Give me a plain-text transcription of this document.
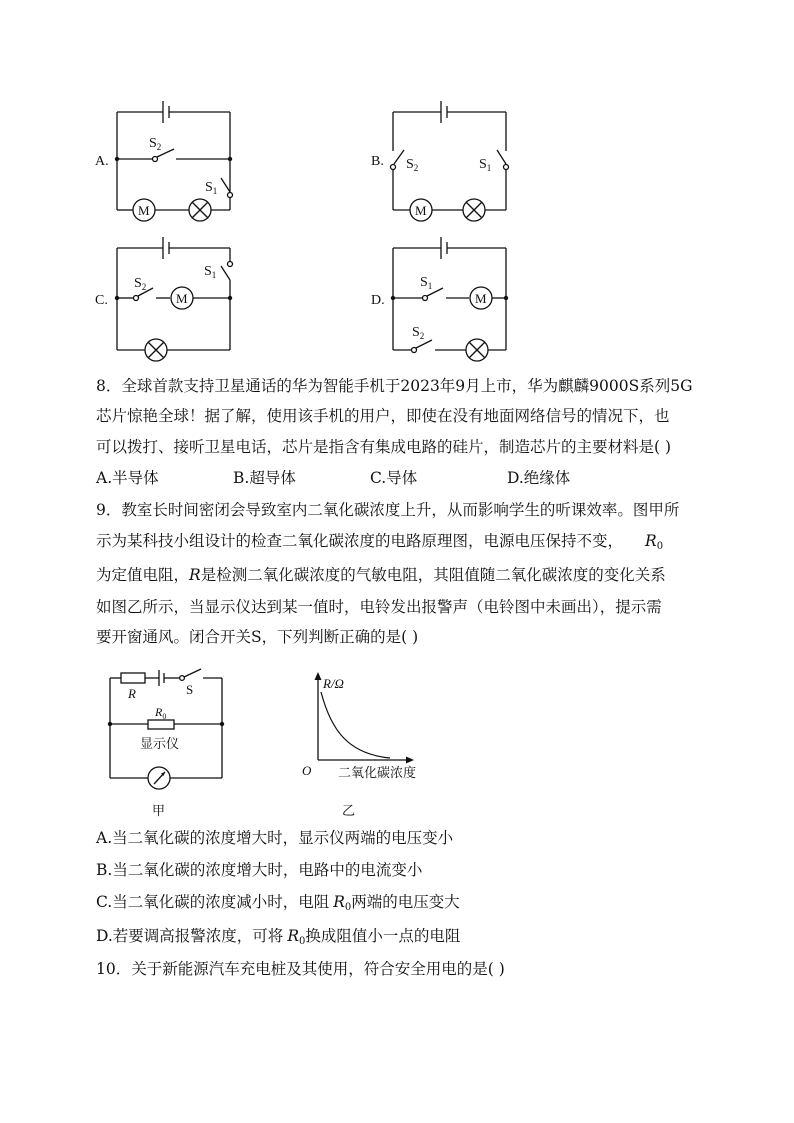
A.
$S_2$
$S_1$
M
B. $S_2$	$S_1$
M
C.
$S_2$
$S_1$
M	D.
$S_1$
$S_2$
M
8．全球首款支持卫星通话的华为智能手机于2023年9月上市，华为麒麟9000S系列5G
芯片惊艳全球！据了解，使用该手机的用户，即使在没有地面网络信号的情况下，也
可以拨打、接听卫星电话，芯片是指含有集成电路的硅片，制造芯片的主要材料是( )
A.半导体	B.超导体	C.导体	D.绝缘体
9．教室长时间密闭会导致室内二氧化碳浓度上升，从而影响学生的听课效率。图甲所
示为某科技小组设计的检查二氧化碳浓度的电路原理图，电源电压保持不变， $R_0$
为定值电阻，R是检测二氧化碳浓度的气敏电阻，其阻值随二氧化碳浓度的变化关系
如图乙所示，当显示仪达到某一值时，电铃发出报警声（电铃图中未画出），提示需
要开窗通风。闭合开关S，下列判断正确的是( )
R	S
$R_0$
显示仪
甲
R/Ω
O 二氧化碳浓度
乙
A.当二氧化碳的浓度增大时，显示仪两端的电压变小
B.当二氧化碳的浓度增大时，电路中的电流变小
C.当二氧化碳的浓度减小时，电阻 $R_0$两端的电压变大
D.若要调高报警浓度，可将 $R_0$换成阻值小一点的电阻
10．关于新能源汽车充电桩及其使用，符合安全用电的是( )
